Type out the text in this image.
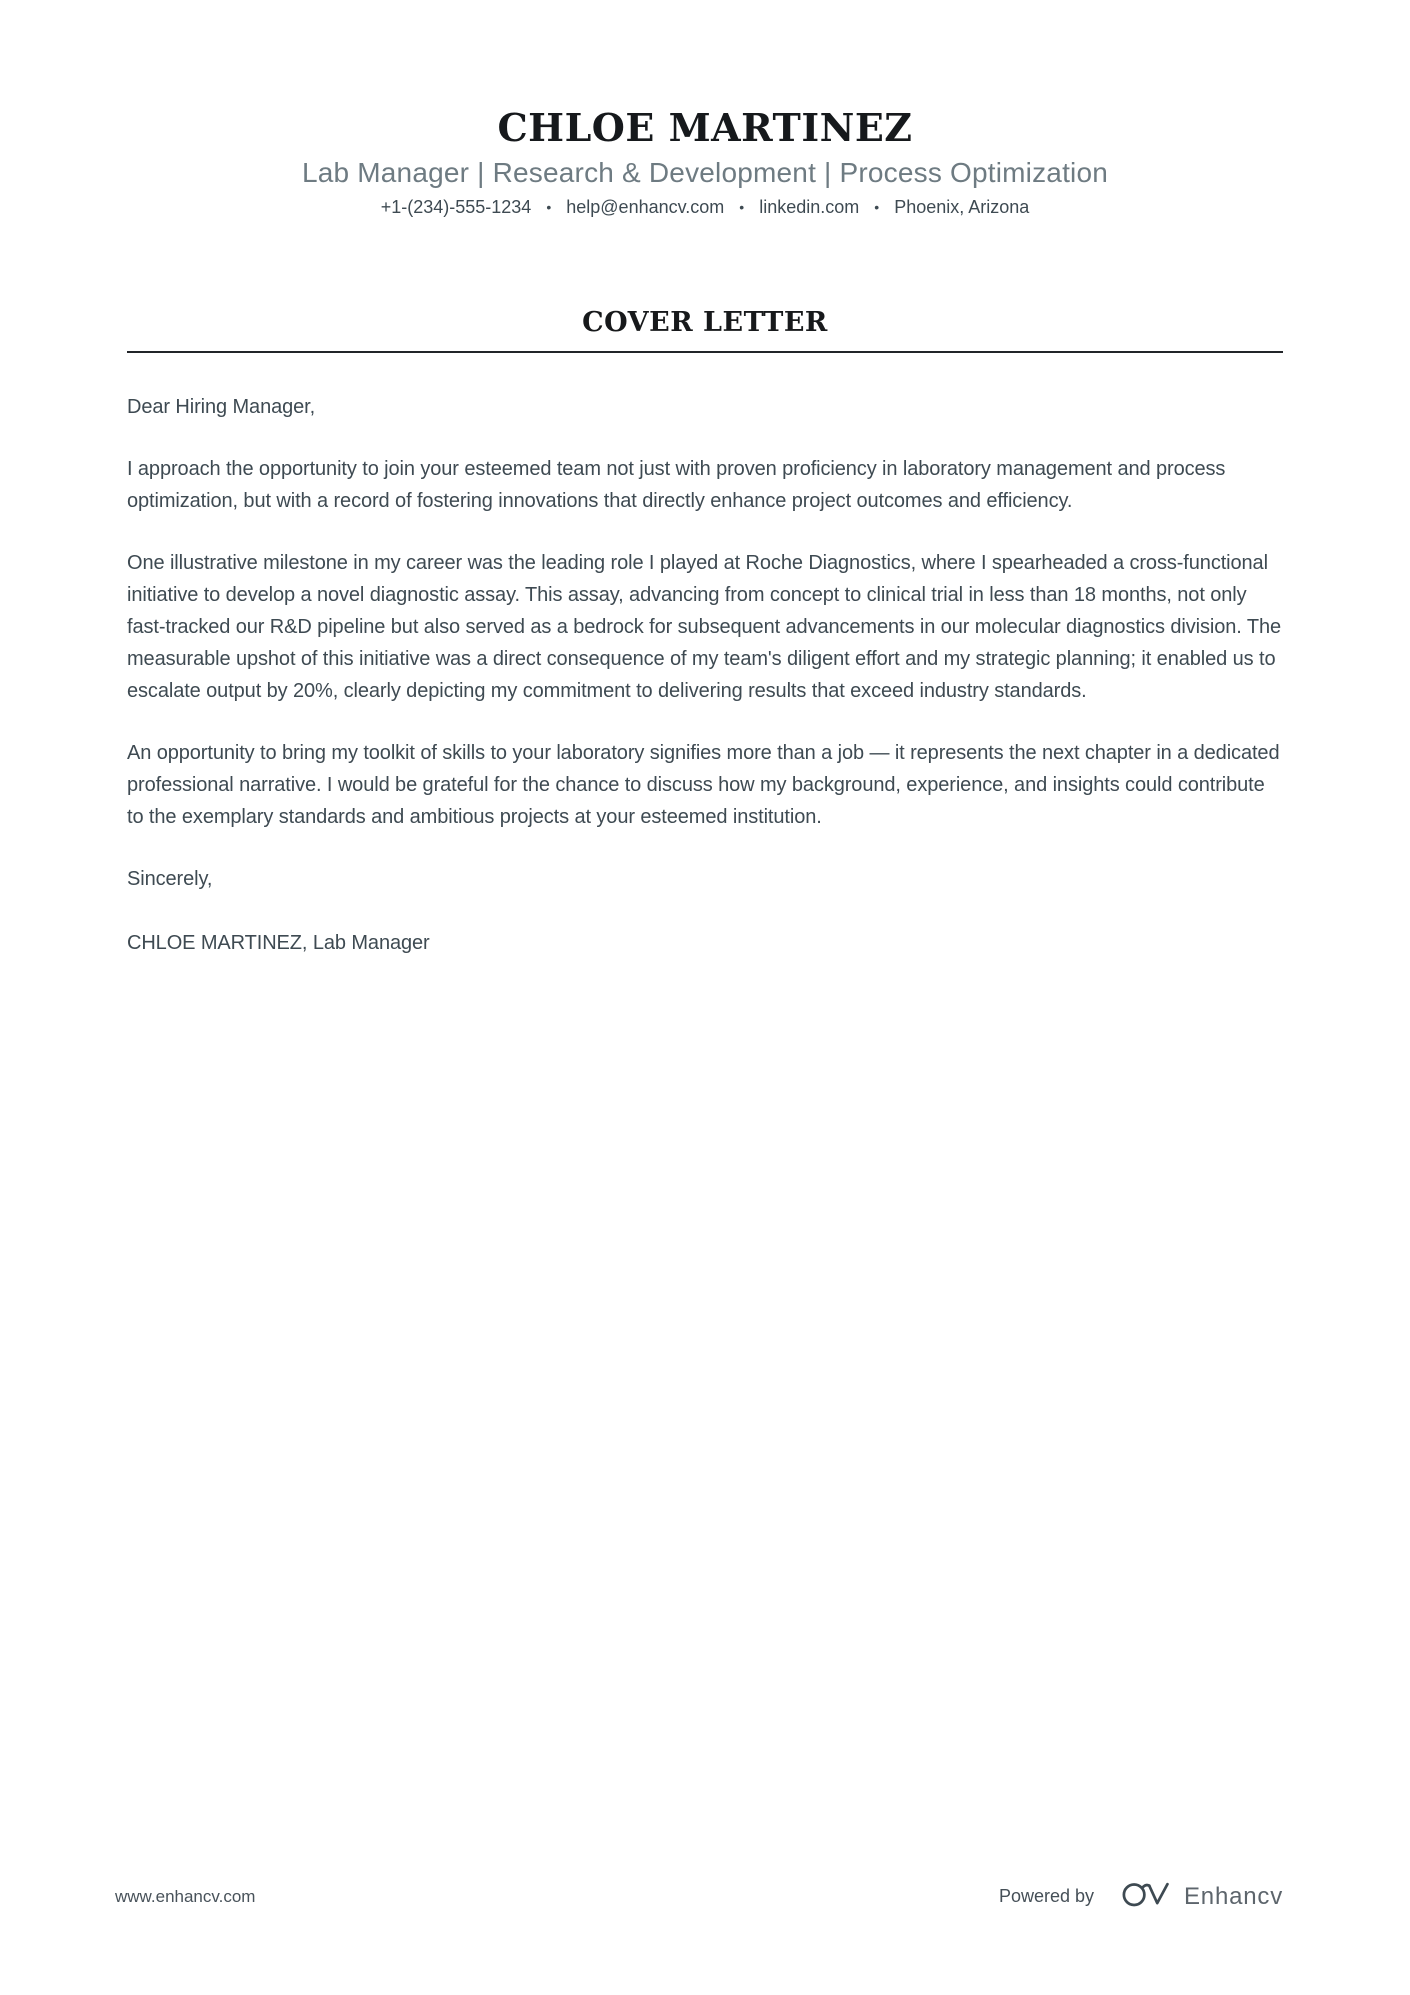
CHLOE MARTINEZ
Lab Manager | Research & Development | Process Optimization
+1-(234)-555-1234 • help@enhancv.com • linkedin.com • Phoenix, Arizona
COVER LETTER

Dear Hiring Manager,

I approach the opportunity to join your esteemed team not just with proven proficiency in laboratory management and process optimization, but with a record of fostering innovations that directly enhance project outcomes and efficiency.

One illustrative milestone in my career was the leading role I played at Roche Diagnostics, where I spearheaded a cross-functional initiative to develop a novel diagnostic assay. This assay, advancing from concept to clinical trial in less than 18 months, not only fast-tracked our R&D pipeline but also served as a bedrock for subsequent advancements in our molecular diagnostics division. The measurable upshot of this initiative was a direct consequence of my team's diligent effort and my strategic planning; it enabled us to escalate output by 20%, clearly depicting my commitment to delivering results that exceed industry standards.

An opportunity to bring my toolkit of skills to your laboratory signifies more than a job — it represents the next chapter in a dedicated professional narrative. I would be grateful for the chance to discuss how my background, experience, and insights could contribute to the exemplary standards and ambitious projects at your esteemed institution.

Sincerely,

CHLOE MARTINEZ, Lab Manager

www.enhancv.com	Powered by	Enhancv
